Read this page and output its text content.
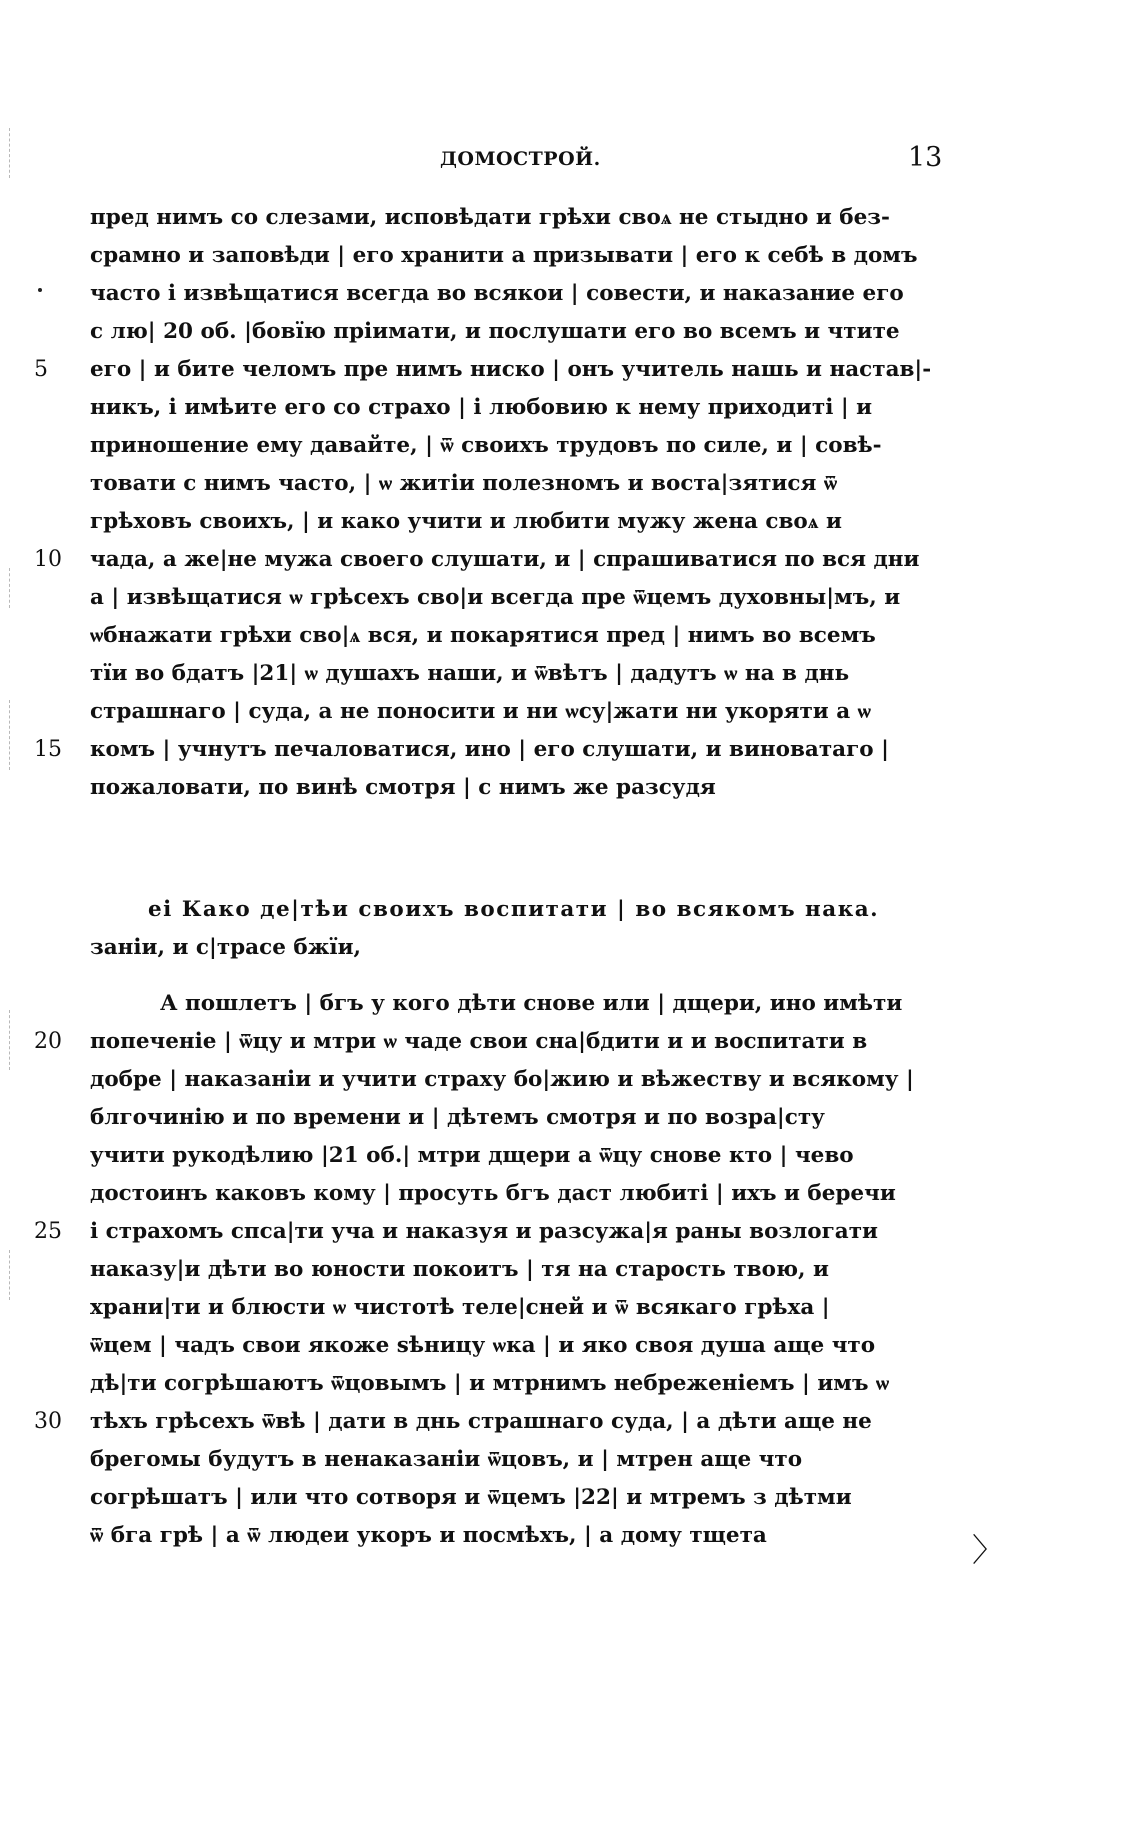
ДОМОСТРОЙ.	13
пред нимъ со слезами, исповѣдати грѣхи своѧ не стыдно и без-
срамно и заповѣди | его хранити а призывати | его к себѣ в домъ
часто і извѣщатися всегда во всякои | совести, и наказание его
с лю| 20 об. |бовїю пріимати, и послушати его во всемъ и чтите
его | и бите челомъ пре нимъ ниско | онъ учитель нашь и настав|-
никъ, і имѣите его со страхо | і любовию к нему приходиті | и
приношение ему давайте, | ѿ своихъ трудовъ по силе, и | совѣ-
товати с нимъ часто, | ѡ житіи полезномъ и воста|зятися ѿ
грѣховъ своихъ, | и како учити и любити мужу жена своѧ и
чада, а же|не мужа своего слушати, и | спрашиватися по вся дни
а | извѣщатися ѡ грѣсехъ сво|и всегда пре ѿцемъ духовны|мъ, и
ѡбнажати грѣхи сво|ѧ вся, и покарятися пред | нимъ во всемъ
тїи во бдатъ |21| ѡ душахъ наши, и ѿвѣтъ | дадутъ ѡ на в днь
страшнаго | суда, а не поносити и ни ѡсу|жати ни укоряти а ѡ
комъ | учнутъ печаловатися, ино | его слушати, и виноватаго |
пожаловати, по винѣ смотря | с нимъ же разсудя
еі Како де|тѣи своихъ воспитати | во всякомъ нака.
заніи, и с|трасе бжїи,
А пошлетъ | бгъ у кого дѣти снове или | дщери, ино имѣти
попеченіе | ѿцу и мтри ѡ чаде свои сна|бдити и и воспитати в
добре | наказаніи и учити страху бо|жию и вѣжеству и всякому |
блгочинію и по времени и | дѣтемъ смотря и по возра|сту
учити рукодѣлию |21 об.| мтри дщери а ѿцу снове кто | чево
достоинъ каковъ кому | просуть бгъ даст любиті | ихъ и беречи
і страхомъ спса|ти уча и наказуя и разсужа|я раны возлогати
наказу|и дѣти во юности покоитъ | тя на старость твою, и
храни|ти и блюсти ѡ чистотѣ теле|сней и ѿ всякаго грѣха |
ѿцем | чадъ свои якоже ѕѣницу ѡка | и яко своя душа аще что
дѣ|ти согрѣшаютъ ѿцовымъ | и мтрнимъ небреженіемъ | имъ ѡ
тѣхъ грѣсехъ ѿвѣ | дати в днь страшнаго суда, | а дѣти аще не
брегомы будутъ в ненаказаніи ѿцовъ, и | мтрен аще что
согрѣшатъ | или что сотворя и ѿцемъ |22| и мтремъ з дѣтми
ѿ бга грѣ | а ѿ людеи укоръ и посмѣхъ, | а дому тщета
5
10
15
20
25
30
〉
